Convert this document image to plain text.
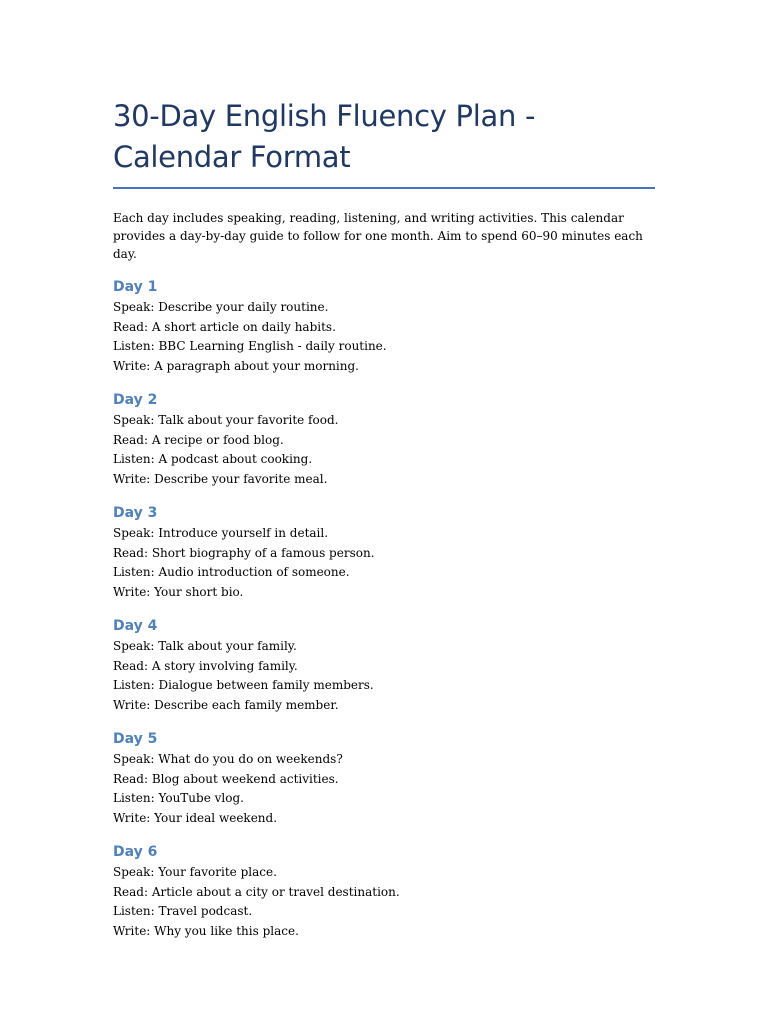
30-Day English Fluency Plan - Calendar Format

Each day includes speaking, reading, listening, and writing activities. This calendar provides a day-by-day guide to follow for one month. Aim to spend 60–90 minutes each day.

Day 1

Speak: Describe your daily routine.

Read: A short article on daily habits.

Listen: BBC Learning English - daily routine.

Write: A paragraph about your morning.

Day 2

Speak: Talk about your favorite food.

Read: A recipe or food blog.

Listen: A podcast about cooking.

Write: Describe your favorite meal.

Day 3

Speak: Introduce yourself in detail.

Read: Short biography of a famous person.

Listen: Audio introduction of someone.

Write: Your short bio.

Day 4

Speak: Talk about your family.

Read: A story involving family.

Listen: Dialogue between family members.

Write: Describe each family member.

Day 5

Speak: What do you do on weekends?

Read: Blog about weekend activities.

Listen: YouTube vlog.

Write: Your ideal weekend.

Day 6

Speak: Your favorite place.

Read: Article about a city or travel destination.

Listen: Travel podcast.

Write: Why you like this place.
